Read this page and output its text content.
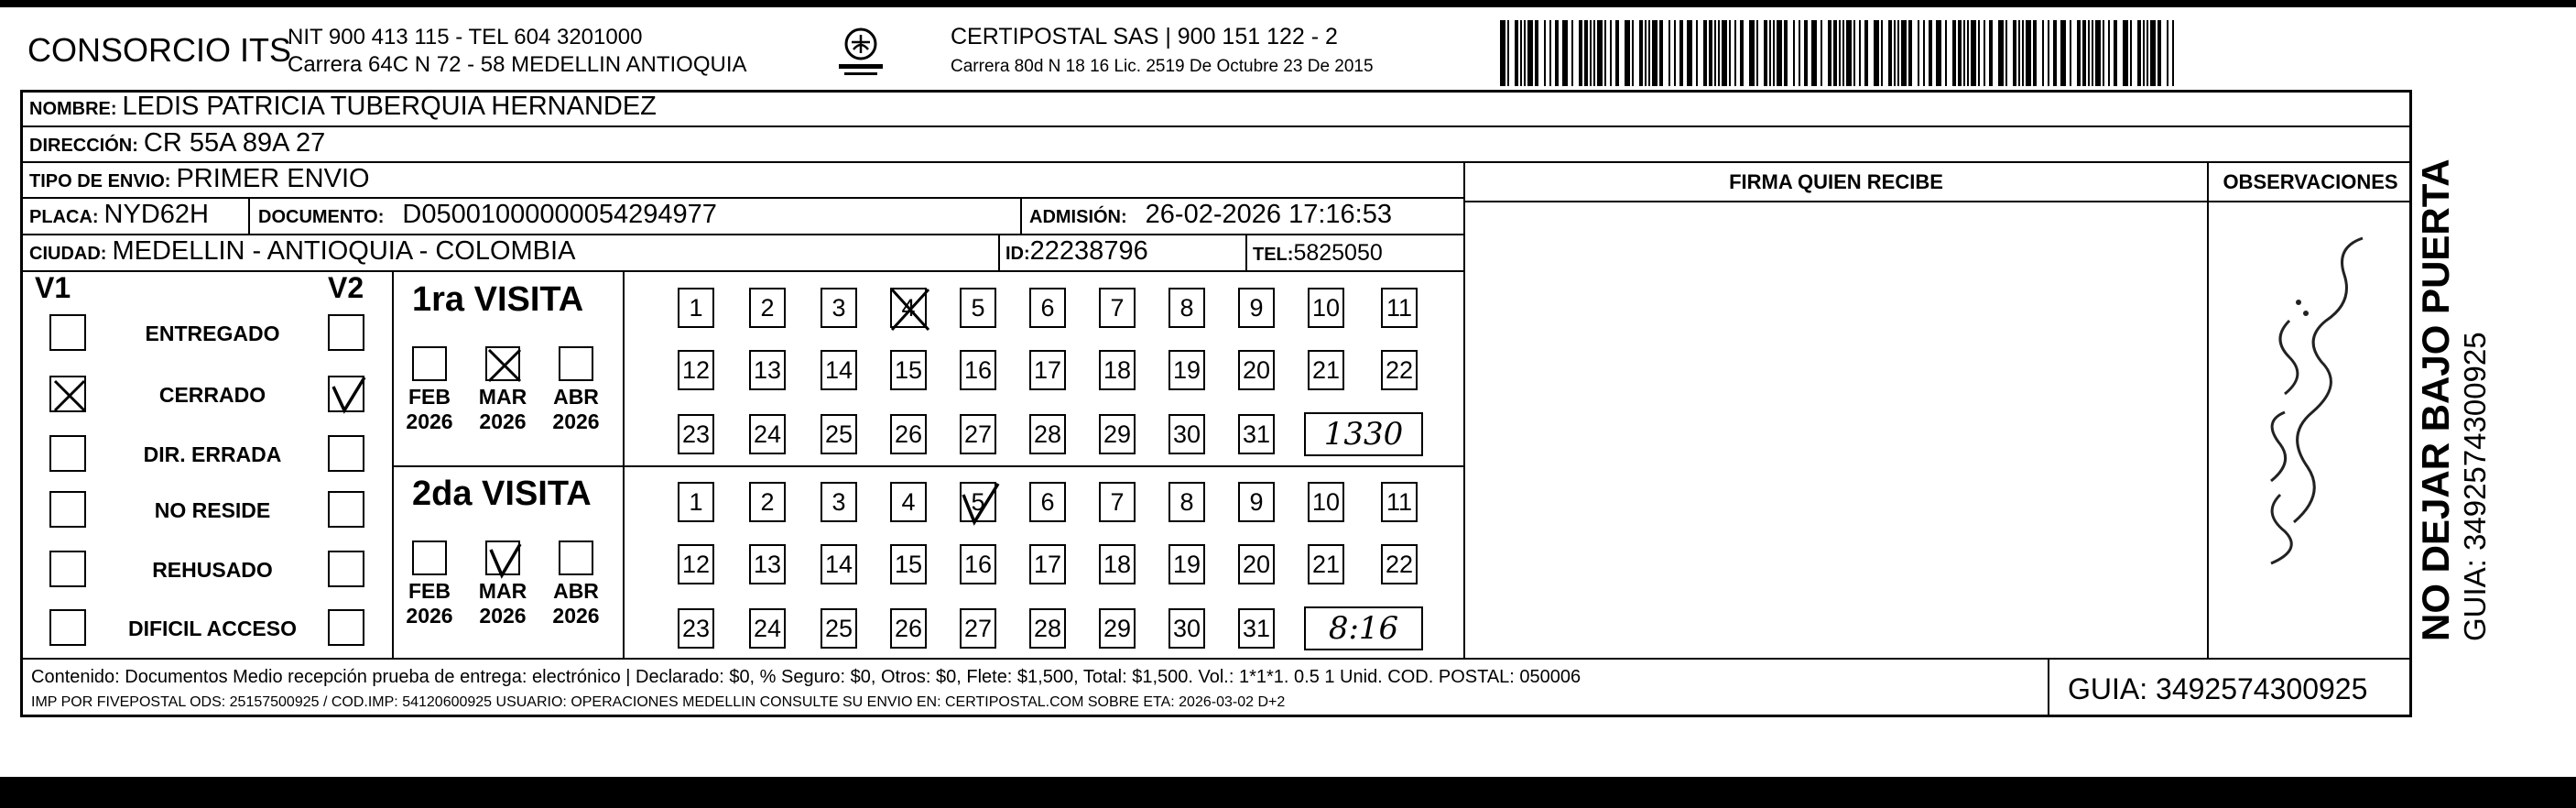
CONSORCIO ITS
NIT 900 413 115 - TEL 604 3201000
Carrera 64C N 72 - 58 MEDELLIN ANTIOQUIA
CERTIPOSTAL SAS | 900 151 122 - 2
Carrera 80d N 18 16 Lic. 2519 De Octubre 23 De 2015
NOMBRE: LEDIS PATRICIA TUBERQUIA HERNANDEZ
DIRECCIÓN: CR 55A 89A 27
TIPO DE ENVIO: PRIMER ENVIO
PLACA: NYD62H	DOCUMENTO: D05001000000054294977	ADMISIÓN: 26-02-2026 17:16:53
CIUDAD: MEDELLIN - ANTIOQUIA - COLOMBIA	ID:22238796	TEL:5825050
FIRMA QUIEN RECIBE	OBSERVACIONES
V1	V2
Contenido: Documentos Medio recepción prueba de entrega: electrónico | Declarado: $0, % Seguro: $0, Otros: $0, Flete: $1,500, Total: $1,500. Vol.: 1*1*1. 0.5 1 Unid. COD. POSTAL: 050006
IMP POR FIVEPOSTAL ODS: 25157500925 / COD.IMP: 54120600925 USUARIO: OPERACIONES MEDELLIN CONSULTE SU ENVIO EN: CERTIPOSTAL.COM SOBRE ETA: 2026-03-02 D+2	GUIA: 3492574300925
NO DEJAR BAJO PUERTA GUIA: 3492574300925
ENTREGADO
CERRADO
DIR. ERRADA
NO RESIDE
REHUSADO
DIFICIL ACCESO
1ra VISITA
FEB
2026
MAR
2026
ABR
2026
1	2	3	4	5	6	7	8	9	10 11
12 13 14 15 16 17 18 19 20 21 22
23 24 25 26 27 28 29 30 31	1330
2da VISITA
FEB
2026
MAR
2026
ABR
2026
1	2	3	4	5	6	7	8	9	10 11
12 13 14 15 16 17 18 19 20 21 22
23 24 25 26 27 28 29 30 31	8:16
